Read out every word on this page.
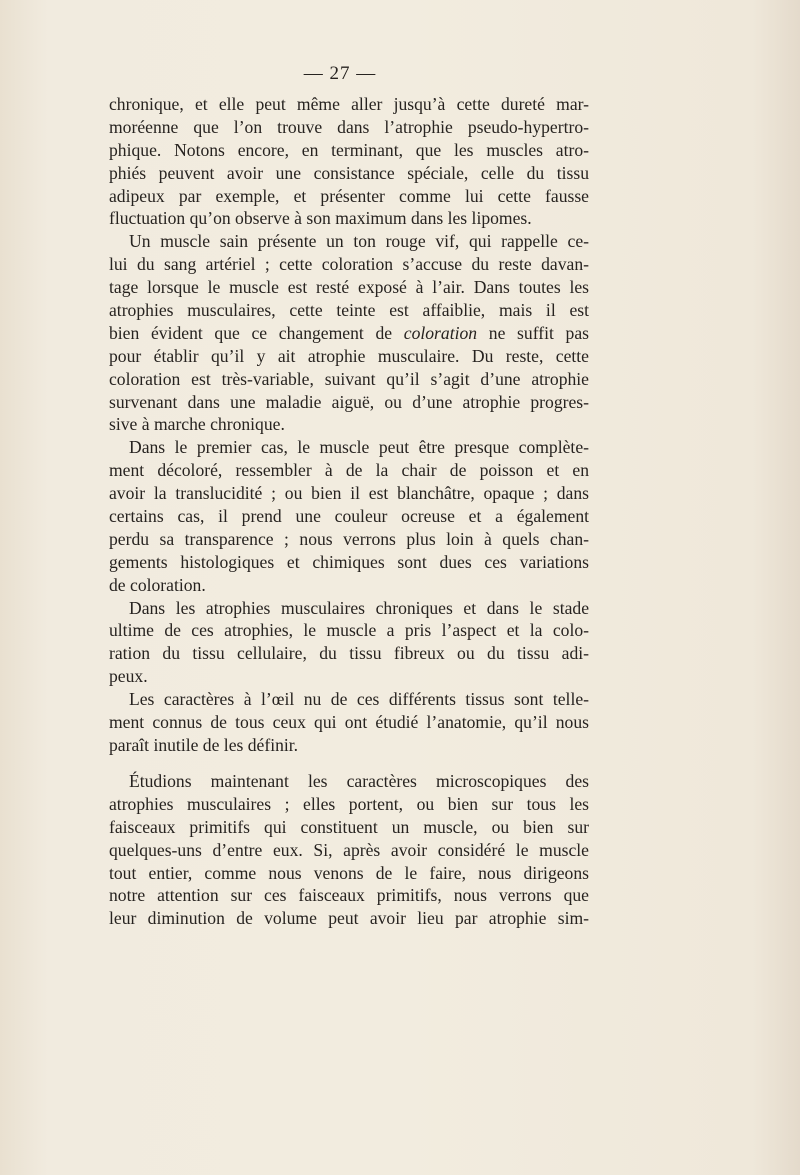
— 27 —
chronique, et elle peut même aller jusqu’à cette dureté mar-
moréenne que l’on trouve dans l’atrophie pseudo-hypertro-
phique. Notons encore, en terminant, que les muscles atro-
phiés peuvent avoir une consistance spéciale, celle du tissu
adipeux par exemple, et présenter comme lui cette fausse
fluctuation qu’on observe à son maximum dans les lipomes.
Un muscle sain présente un ton rouge vif, qui rappelle ce-
lui du sang artériel ; cette coloration s’accuse du reste davan-
tage lorsque le muscle est resté exposé à l’air. Dans toutes les
atrophies musculaires, cette teinte est affaiblie, mais il est
bien évident que ce changement de coloration ne suffit pas
pour établir qu’il y ait atrophie musculaire. Du reste, cette
coloration est très-variable, suivant qu’il s’agit d’une atrophie
survenant dans une maladie aiguë, ou d’une atrophie progres-
sive à marche chronique.
Dans le premier cas, le muscle peut être presque complète-
ment décoloré, ressembler à de la chair de poisson et en
avoir la translucidité ; ou bien il est blanchâtre, opaque ; dans
certains cas, il prend une couleur ocreuse et a également
perdu sa transparence ; nous verrons plus loin à quels chan-
gements histologiques et chimiques sont dues ces variations
de coloration.
Dans les atrophies musculaires chroniques et dans le stade
ultime de ces atrophies, le muscle a pris l’aspect et la colo-
ration du tissu cellulaire, du tissu fibreux ou du tissu adi-
peux.
Les caractères à l’œil nu de ces différents tissus sont telle-
ment connus de tous ceux qui ont étudié l’anatomie, qu’il nous
paraît inutile de les définir.
Étudions maintenant les caractères microscopiques des
atrophies musculaires ; elles portent, ou bien sur tous les
faisceaux primitifs qui constituent un muscle, ou bien sur
quelques-uns d’entre eux. Si, après avoir considéré le muscle
tout entier, comme nous venons de le faire, nous dirigeons
notre attention sur ces faisceaux primitifs, nous verrons que
leur diminution de volume peut avoir lieu par atrophie sim-
